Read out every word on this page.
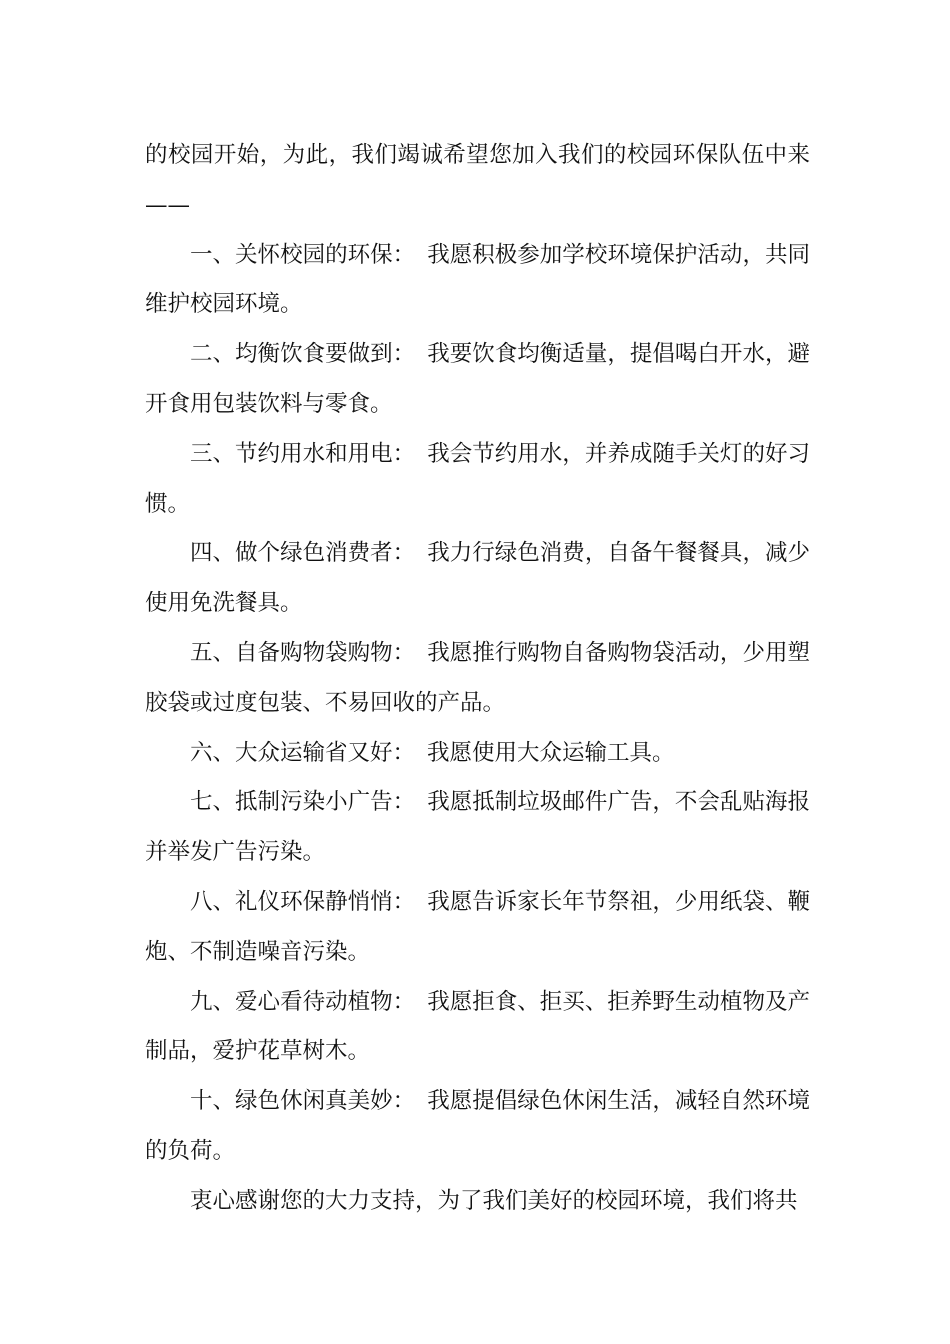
的校园开始，为此，我们竭诚希望您加入我们的校园环保队伍中来——

一、关怀校园的环保： 我愿积极参加学校环境保护活动，共同维护校园环境。

二、均衡饮食要做到： 我要饮食均衡适量，提倡喝白开水，避开食用包装饮料与零食。

三、节约用水和用电： 我会节约用水，并养成随手关灯的好习惯。

四、做个绿色消费者： 我力行绿色消费，自备午餐餐具，减少使用免洗餐具。

五、自备购物袋购物： 我愿推行购物自备购物袋活动，少用塑胶袋或过度包装、不易回收的产品。

六、大众运输省又好： 我愿使用大众运输工具。

七、抵制污染小广告： 我愿抵制垃圾邮件广告，不会乱贴海报并举发广告污染。

八、礼仪环保静悄悄： 我愿告诉家长年节祭祖，少用纸袋、鞭炮、不制造噪音污染。

九、爱心看待动植物： 我愿拒食、拒买、拒养野生动植物及产制品，爱护花草树木。

十、绿色休闲真美妙： 我愿提倡绿色休闲生活，减轻自然环境的负荷。

衷心感谢您的大力支持，为了我们美好的校园环境，我们将共
